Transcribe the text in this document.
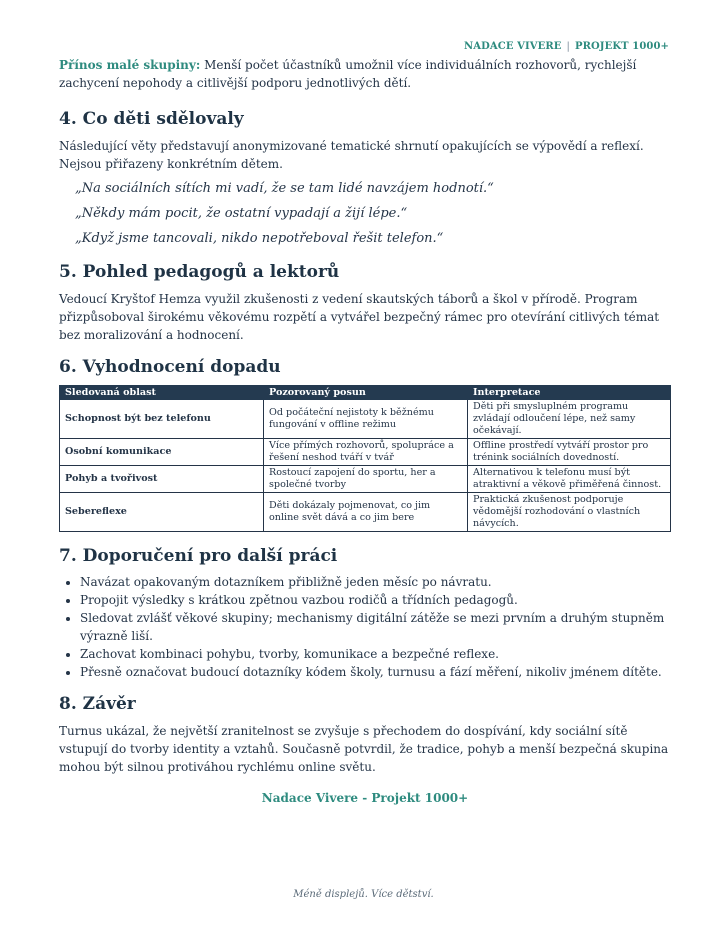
NADACE VIVERE | PROJEKT 1000+

Přínos malé skupiny: Menší počet účastníků umožnil více individuálních rozhovorů, rychlejší zachycení nepohody a citlivější podporu jednotlivých dětí.

4. Co děti sdělovaly

Následující věty představují anonymizované tematické shrnutí opakujících se výpovědí a reflexí. Nejsou přiřazeny konkrétním dětem.

„Na sociálních sítích mi vadí, že se tam lidé navzájem hodnotí.“
„Někdy mám pocit, že ostatní vypadají a žijí lépe.“
„Když jsme tancovali, nikdo nepotřeboval řešit telefon.“
5. Pohled pedagogů a lektorů

Vedoucí Kryštof Hemza využil zkušenosti z vedení skautských táborů a škol v přírodě. Program přizpůsoboval širokému věkovému rozpětí a vytvářel bezpečný rámec pro otevírání citlivých témat bez moralizování a hodnocení.

6. Vyhodnocení dopadu
Sledovaná oblast	Pozorovaný posun	Interpretace
Schopnost být bez telefonu	Od počáteční nejistoty k běžnému fungování v offline režimu	Děti při smysluplném programu zvládají odloučení lépe, než samy očekávají.
Osobní komunikace	Více přímých rozhovorů, spolupráce a řešení neshod tváří v tvář	Offline prostředí vytváří prostor pro trénink sociálních dovedností.
Pohyb a tvořivost	Rostoucí zapojení do sportu, her a společné tvorby	Alternativou k telefonu musí být atraktivní a věkově přiměřená činnost.
Sebereflexe	Děti dokázaly pojmenovat, co jim online svět dává a co jim bere	Praktická zkušenost podporuje vědomější rozhodování o vlastních návycích.
7. Doporučení pro další práci
• Navázat opakovaným dotazníkem přibližně jeden měsíc po návratu.
• Propojit výsledky s krátkou zpětnou vazbou rodičů a třídních pedagogů.
• Sledovat zvlášť věkové skupiny; mechanismy digitální zátěže se mezi prvním a druhým stupněm výrazně liší.
• Zachovat kombinaci pohybu, tvorby, komunikace a bezpečné reflexe.
• Přesně označovat budoucí dotazníky kódem školy, turnusu a fází měření, nikoliv jménem dítěte.
8. Závěr

Turnus ukázal, že největší zranitelnost se zvyšuje s přechodem do dospívání, kdy sociální sítě vstupují do tvorby identity a vztahů. Současně potvrdil, že tradice, pohyb a menší bezpečná skupina mohou být silnou protiváhou rychlému online světu.

Nadace Vivere - Projekt 1000+
Méně displejů. Více dětství.
